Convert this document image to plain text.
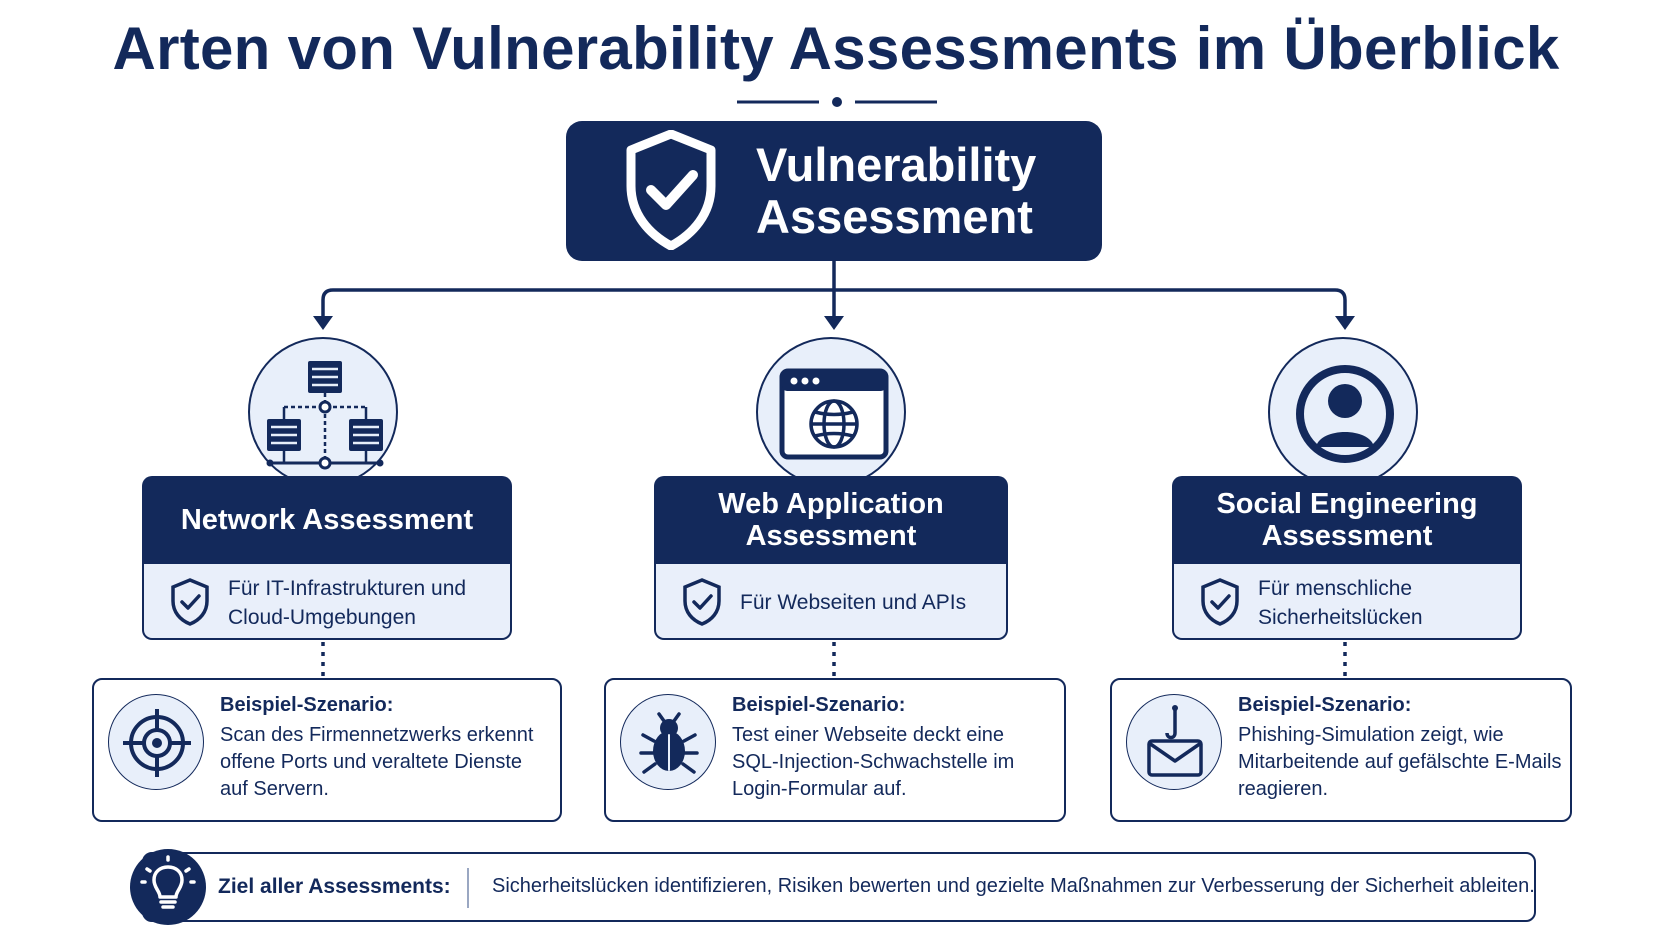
Arten von Vulnerability Assessments im Überblick
Vulnerability
Assessment
Network Assessment
Für IT-Infrastrukturen und
Cloud-Umgebungen
Beispiel-Szenario:
Scan des Firmennetzwerks erkennt
offene Ports und veraltete Dienste
auf Servern.
Web Application
Assessment
Für Webseiten und APIs
Beispiel-Szenario:
Test einer Webseite deckt eine
SQL-Injection-Schwachstelle im
Login-Formular auf.
Social Engineering
Assessment
Für menschliche
Sicherheitslücken
Beispiel-Szenario:
Phishing-Simulation zeigt, wie
Mitarbeitende auf gefälschte E-Mails
reagieren.
Ziel aller Assessments: Sicherheitslücken identifizieren, Risiken bewerten und gezielte Maßnahmen zur Verbesserung der Sicherheit ableiten.
